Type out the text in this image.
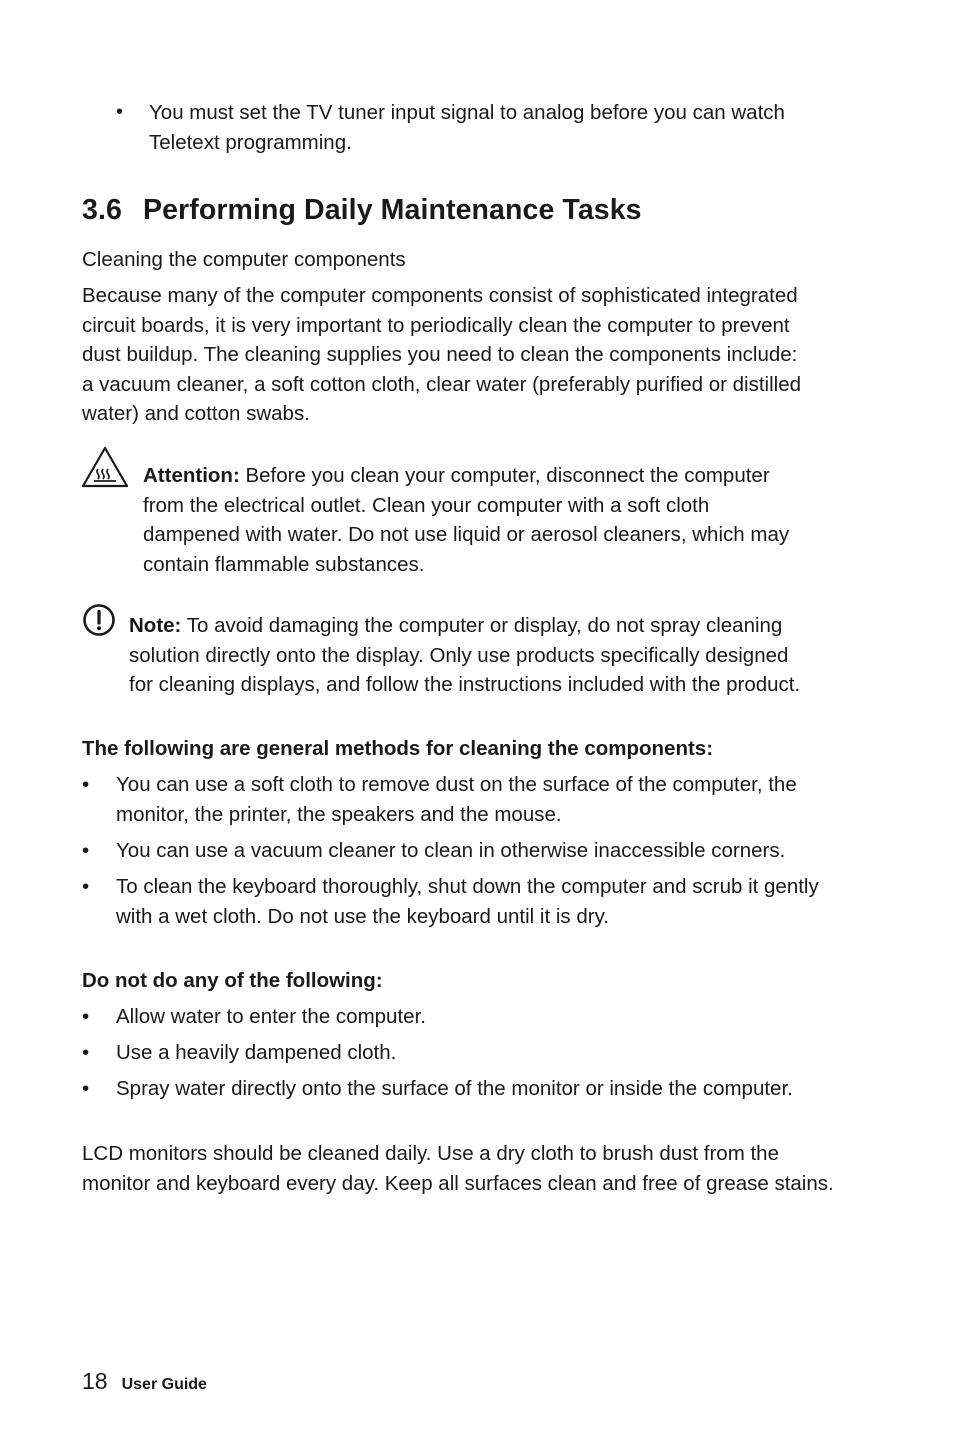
• You must set the TV tuner input signal to analog before you can watch Teletext programming.

3.6 Performing Daily Maintenance Tasks
Cleaning the computer components
Because many of the computer components consist of sophisticated integrated
circuit boards, it is very important to periodically clean the computer to prevent
dust buildup. The cleaning supplies you need to clean the components include:
a vacuum cleaner, a soft cotton cloth, clear water (preferably purified or distilled
water) and cotton swabs.
Attention: Before you clean your computer, disconnect the computer
from the electrical outlet. Clean your computer with a soft cloth
dampened with water. Do not use liquid or aerosol cleaners, which may
contain flammable substances.
Note: To avoid damaging the computer or display, do not spray cleaning
solution directly onto the display. Only use products specifically designed
for cleaning displays, and follow the instructions included with the product.
The following are general methods for cleaning the components:
•	You can use a soft cloth to remove dust on the surface of the computer, the
monitor, the printer, the speakers and the mouse.
•	You can use a vacuum cleaner to clean in otherwise inaccessible corners.
•	To clean the keyboard thoroughly, shut down the computer and scrub it gently
with a wet cloth. Do not use the keyboard until it is dry.
Do not do any of the following:
•	Allow water to enter the computer.
•	Use a heavily dampened cloth.
•	Spray water directly onto the surface of the monitor or inside the computer.
LCD monitors should be cleaned daily. Use a dry cloth to brush dust from the
monitor and keyboard every day. Keep all surfaces clean and free of grease stains.
18 User Guide
